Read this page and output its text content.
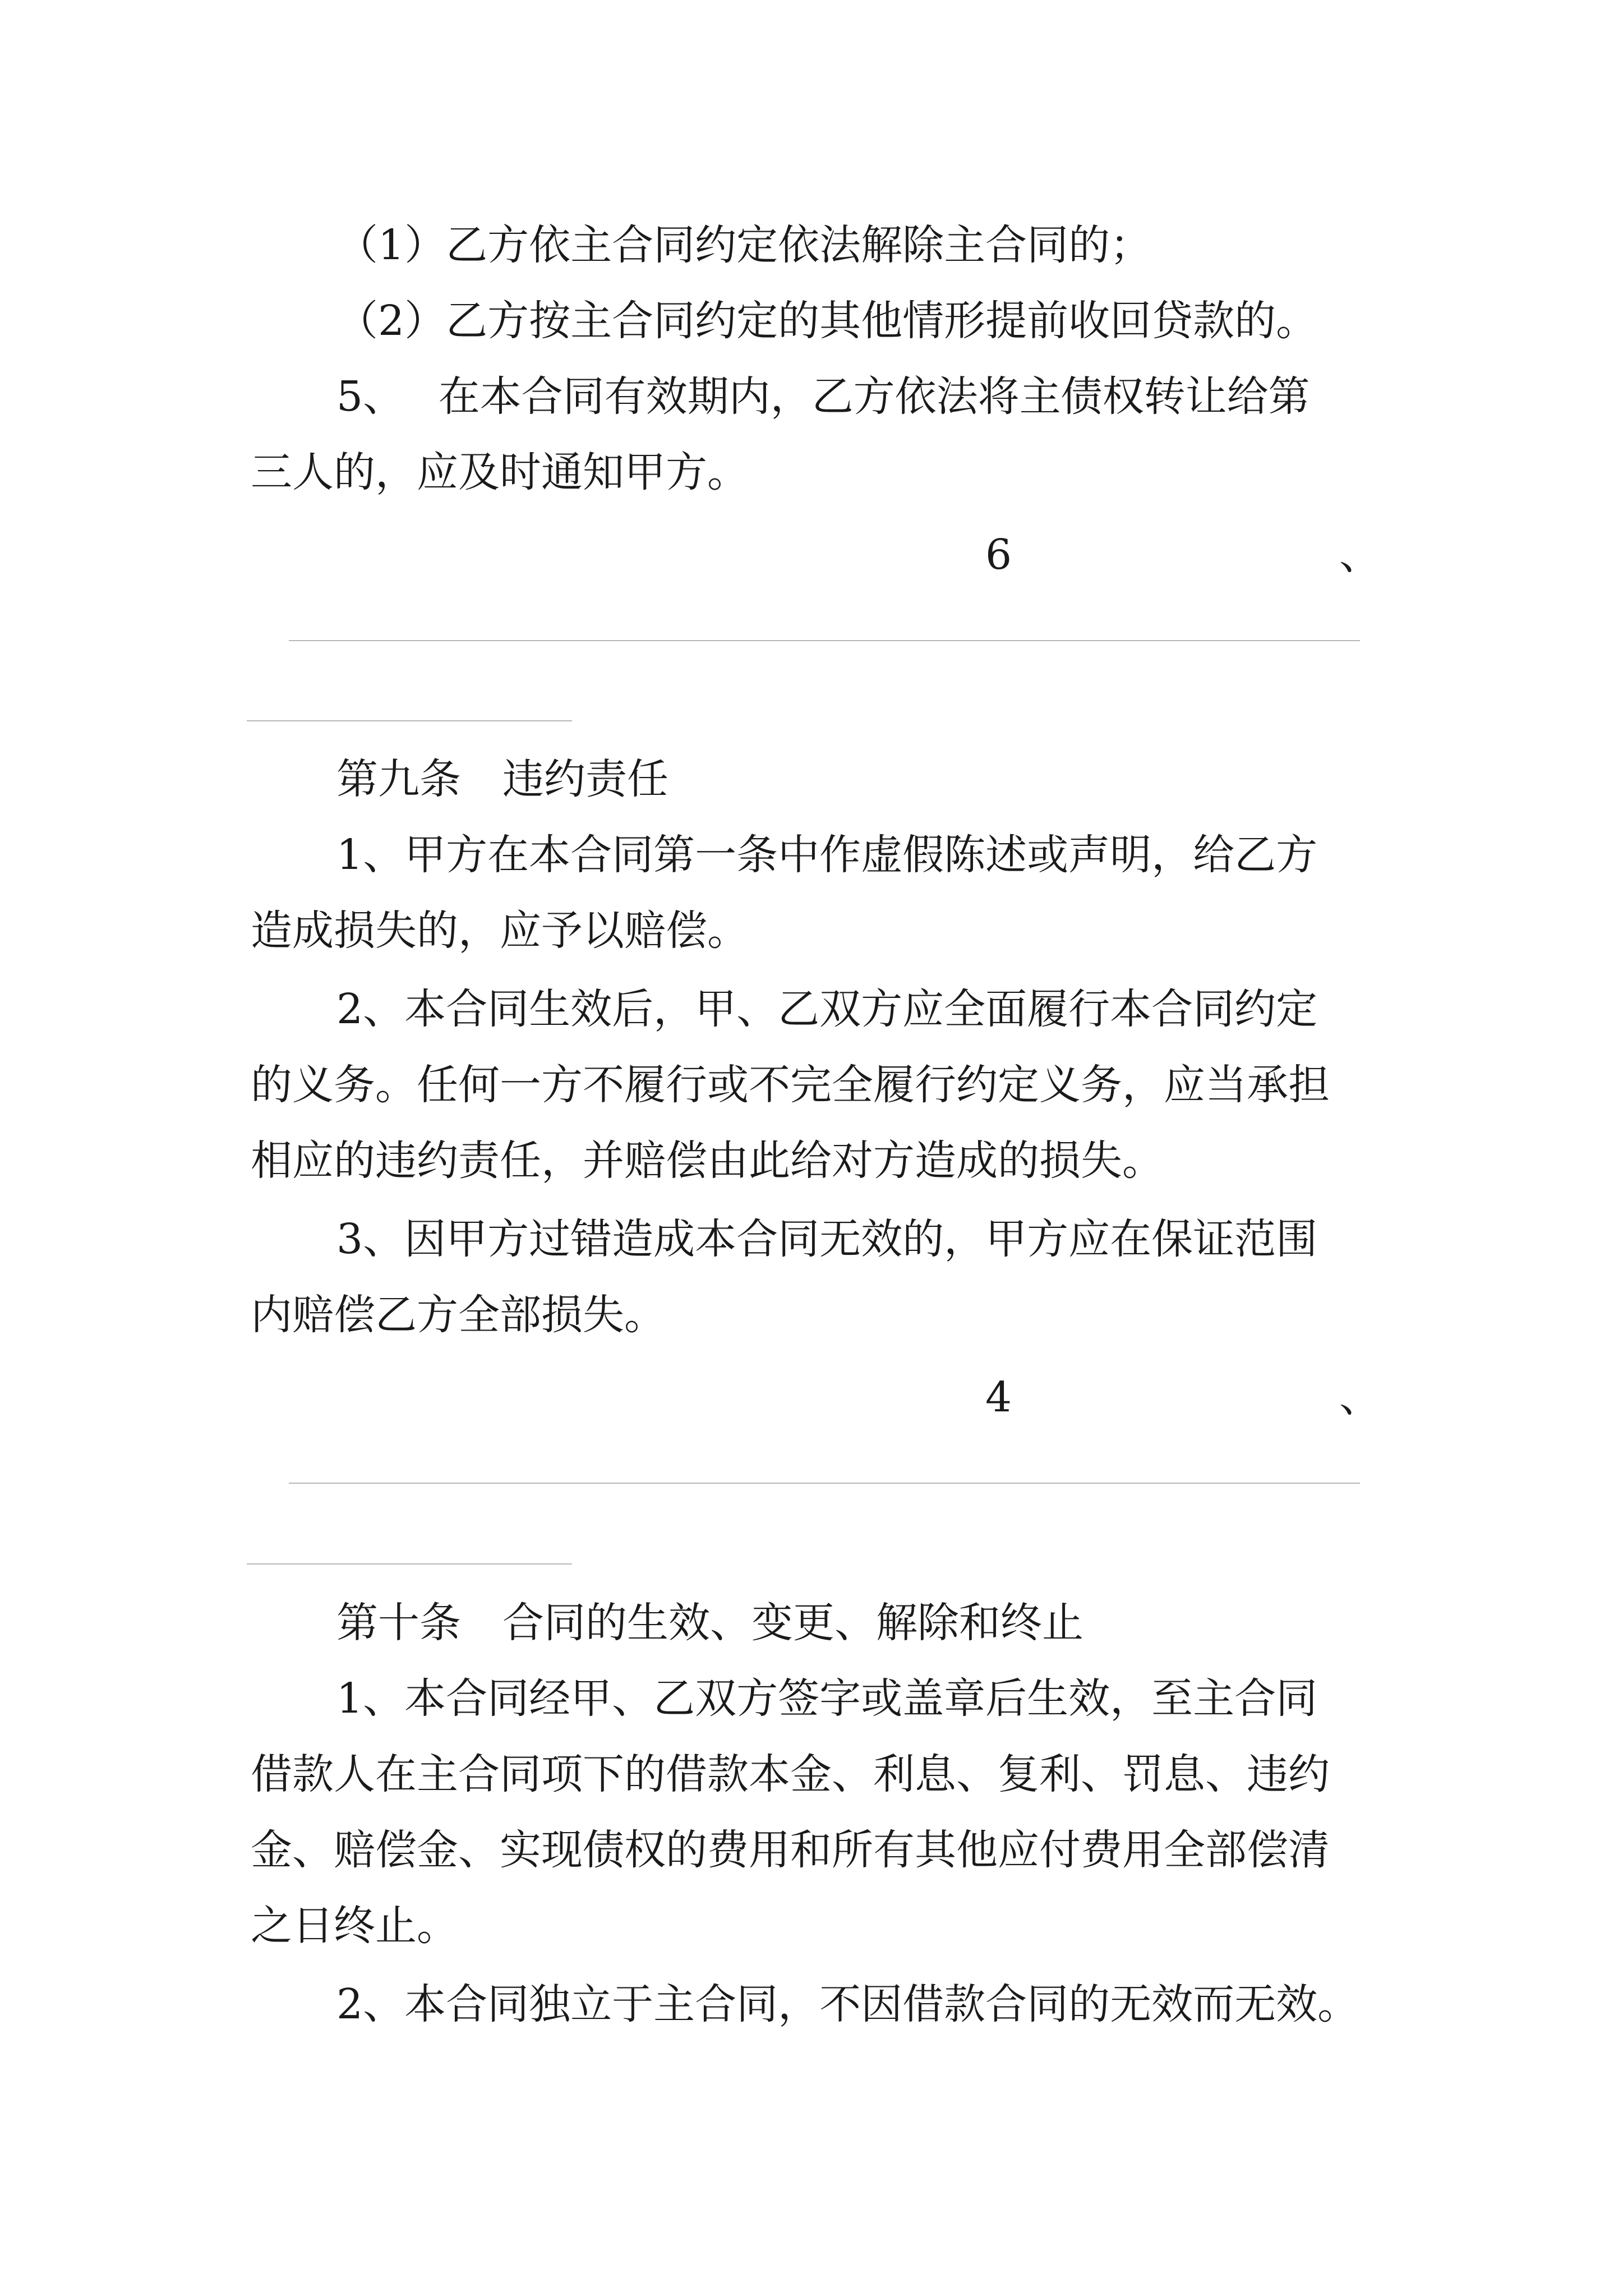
（1）乙方依主合同约定依法解除主合同的；
（2）乙方按主合同约定的其他情形提前收回贷款的。
5、　 在本合同有效期内，乙方依法将主债权转让给第
三人的，应及时通知甲方。
6	、
第九条　违约责任
1、甲方在本合同第一条中作虚假陈述或声明，给乙方
造成损失的，应予以赔偿。
2、本合同生效后，甲、乙双方应全面履行本合同约定
的义务。任何一方不履行或不完全履行约定义务，应当承担
相应的违约责任，并赔偿由此给对方造成的损失。
3、因甲方过错造成本合同无效的，甲方应在保证范围
内赔偿乙方全部损失。
4	、
第十条　合同的生效、变更、解除和终止
1、本合同经甲、乙双方签字或盖章后生效，至主合同
借款人在主合同项下的借款本金、利息、复利、罚息、违约
金、赔偿金、实现债权的费用和所有其他应付费用全部偿清
之日终止。
2、本合同独立于主合同，不因借款合同的无效而无效。
